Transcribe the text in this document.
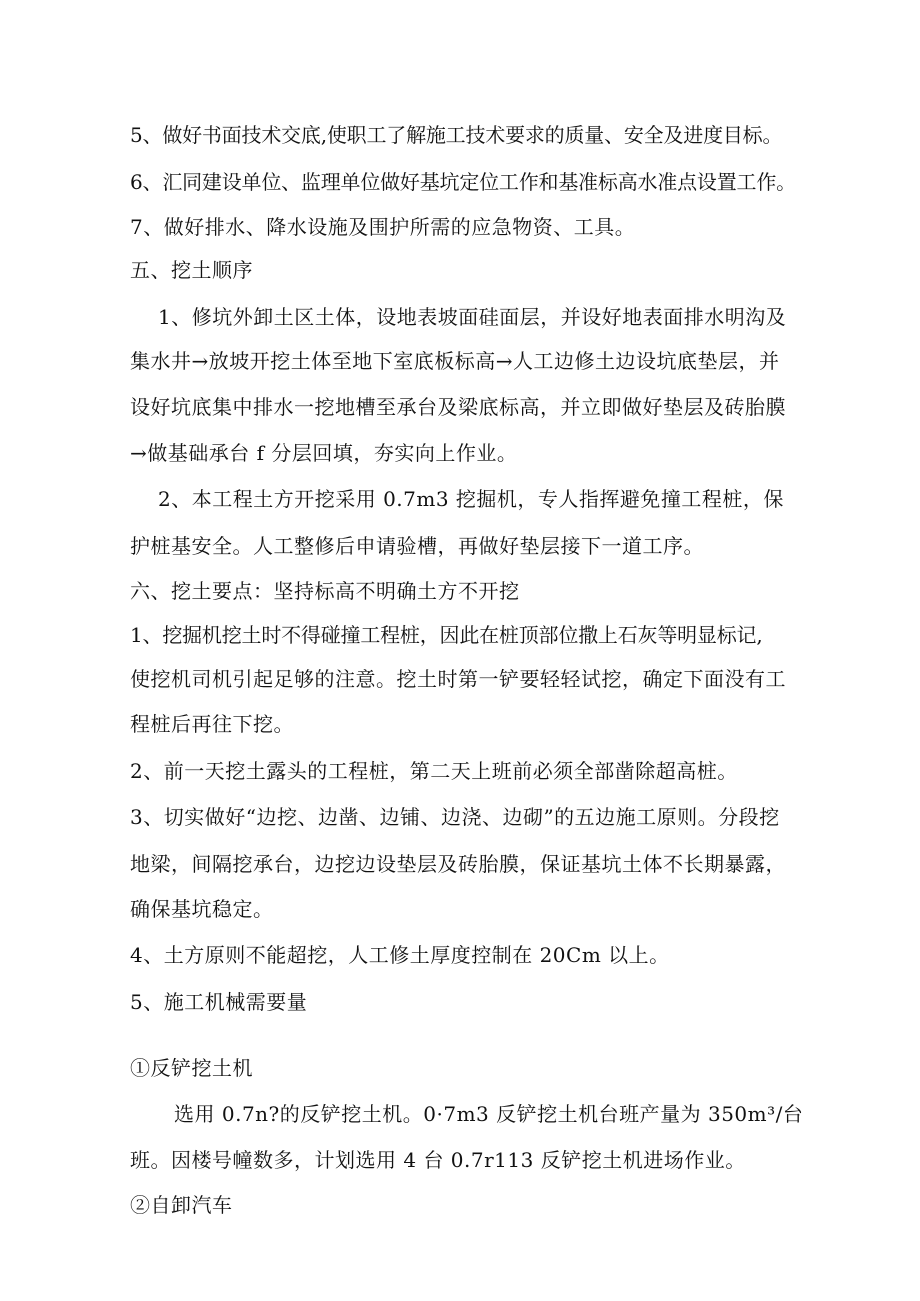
5、做好书面技术交底,使职工了解施工技术要求的质量、安全及进度目标。
6、汇同建设单位、监理单位做好基坑定位工作和基准标高水准点设置工作。
7、做好排水、降水设施及围护所需的应急物资、工具。
五、挖土顺序
1、修坑外卸土区土体，设地表坡面硅面层，并设好地表面排水明沟及
集水井→放坡开挖土体至地下室底板标高→人工边修土边设坑底垫层，并
设好坑底集中排水一挖地槽至承台及梁底标高，并立即做好垫层及砖胎膜
→做基础承台 f 分层回填，夯实向上作业。
2、本工程土方开挖采用 0.7m3 挖掘机，专人指挥避免撞工程桩，保
护桩基安全。人工整修后申请验槽，再做好垫层接下一道工序。
六、挖土要点：坚持标高不明确土方不开挖
1、挖掘机挖土时不得碰撞工程桩，因此在桩顶部位撒上石灰等明显标记,
使挖机司机引起足够的注意。挖土时第一铲要轻轻试挖，确定下面没有工
程桩后再往下挖。
2、前一天挖土露头的工程桩，第二天上班前必须全部凿除超高桩。
3、切实做好“边挖、边凿、边铺、边浇、边砌”的五边施工原则。分段挖
地梁，间隔挖承台，边挖边设垫层及砖胎膜，保证基坑土体不长期暴露，
确保基坑稳定。
4、土方原则不能超挖，人工修土厚度控制在 20Cm 以上。
5、施工机械需要量
①反铲挖土机
选用 0.7n?的反铲挖土机。0·7m3 反铲挖土机台班产量为 350m³/台
班。因楼号幢数多，计划选用 4 台 0.7r113 反铲挖土机进场作业。
②自卸汽车
